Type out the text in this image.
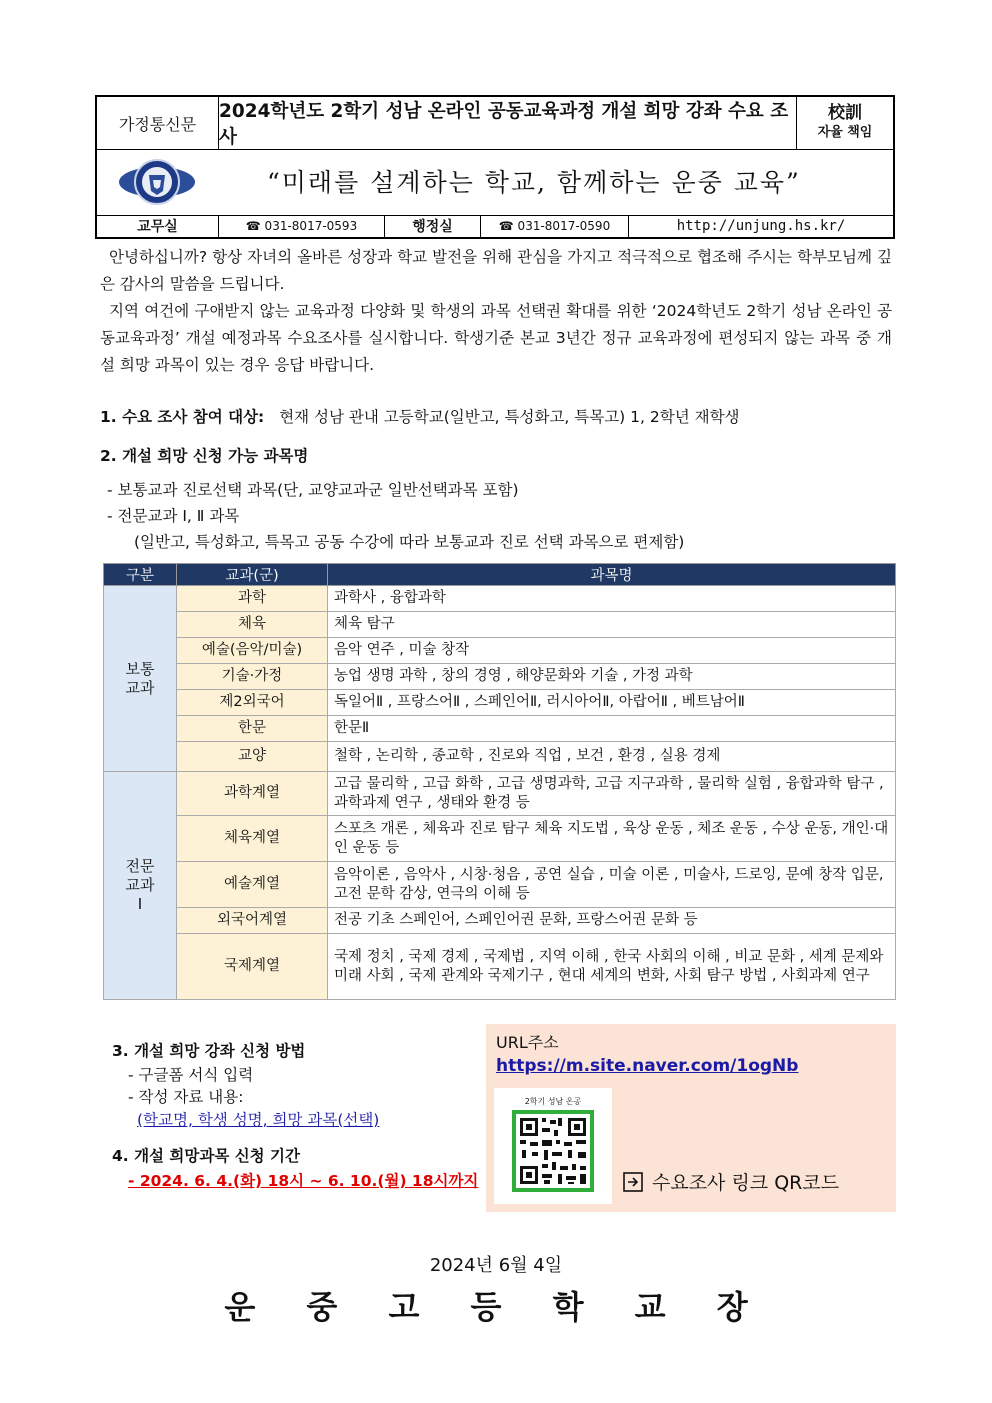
가정통신문
2024학년도 2학기 성남 온라인 공동교육과정 개설 희망 강좌 수요 조사
校訓
자율 책임
“미래를 설계하는 학교, 함께하는 운중 교육”
교무실	☎ 031-8017-0593	행정실	☎ 031-8017-0590	http://unjung.hs.kr/
안녕하십니까? 항상 자녀의 올바른 성장과 학교 발전을 위해 관심을 가지고 적극적으로 협조해 주시는 학부모님께 깊은 감사의 말씀을 드립니다.
지역 여건에 구애받지 않는 교육과정 다양화 및 학생의 과목 선택권 확대를 위한 ‘2024학년도 2학기 성남 온라인 공동교육과정’ 개설 예정과목 수요조사를 실시합니다. 학생기준 본교 3년간 정규 교육과정에 편성되지 않는 과목 중 개설 희망 과목이 있는 경우 응답 바랍니다.
1. 수요 조사 참여 대상: 현재 성남 관내 고등학교(일반고, 특성화고, 특목고) 1, 2학년 재학생
2. 개설 희망 신청 가능 과목명
- 보통교과 진로선택 과목(단, 교양교과군 일반선택과목 포함)
- 전문교과 Ⅰ, Ⅱ 과목
(일반고, 특성화고, 특목고 공동 수강에 따라 보통교과 진로 선택 과목으로 편제함)
구분	교과(군)	과목명
보통
교과	과학	과학사 , 융합과학
	체육	체육 탐구
	예술(음악/미술)	음악 연주 , 미술 창작
	기술·가정	농업 생명 과학 , 창의 경영 , 해양문화와 기술 , 가정 과학
	제2외국어	독일어Ⅱ , 프랑스어Ⅱ , 스페인어Ⅱ, 러시아어Ⅱ, 아랍어Ⅱ , 베트남어Ⅱ
	한문	한문Ⅱ
	교양	철학 , 논리학 , 종교학 , 진로와 직업 , 보건 , 환경 , 실용 경제
전문
교과
Ⅰ	과학계열	고급 물리학 , 고급 화학 , 고급 생명과학, 고급 지구과학 , 물리학 실험 , 융합과학 탐구 , 과학과제 연구 , 생태와 환경 등
	체육계열	스포츠 개론 , 체육과 진로 탐구 체육 지도법 , 육상 운동 , 체조 운동 , 수상 운동, 개인·대인 운동 등
	예술계열	음악이론 , 음악사 , 시창·청음 , 공연 실습 , 미술 이론 , 미술사, 드로잉, 문예 창작 입문, 고전 문학 감상, 연극의 이해 등
	외국어계열	전공 기초 스페인어, 스페인어권 문화, 프랑스어권 문화 등
	국제계열	국제 정치 , 국제 경제 , 국제법 , 지역 이해 , 한국 사회의 이해 , 비교 문화 , 세계 문제와 미래 사회 , 국제 관계와 국제기구 , 현대 세계의 변화, 사회 탐구 방법 , 사회과제 연구
3. 개설 희망 강좌 신청 방법
- 구글폼 서식 입력
- 작성 자료 내용:
(학교명, 학생 성명, 희망 과목(선택)
4. 개설 희망과목 신청 기간
- 2024. 6. 4.(화) 18시 ~ 6. 10.(월) 18시까지
URL주소
https://m.site.naver.com/1ogNb
2학기 성남 온공
수요조사 링크 QR코드
2024년 6월 4일
운 중 고 등 학 교 장
